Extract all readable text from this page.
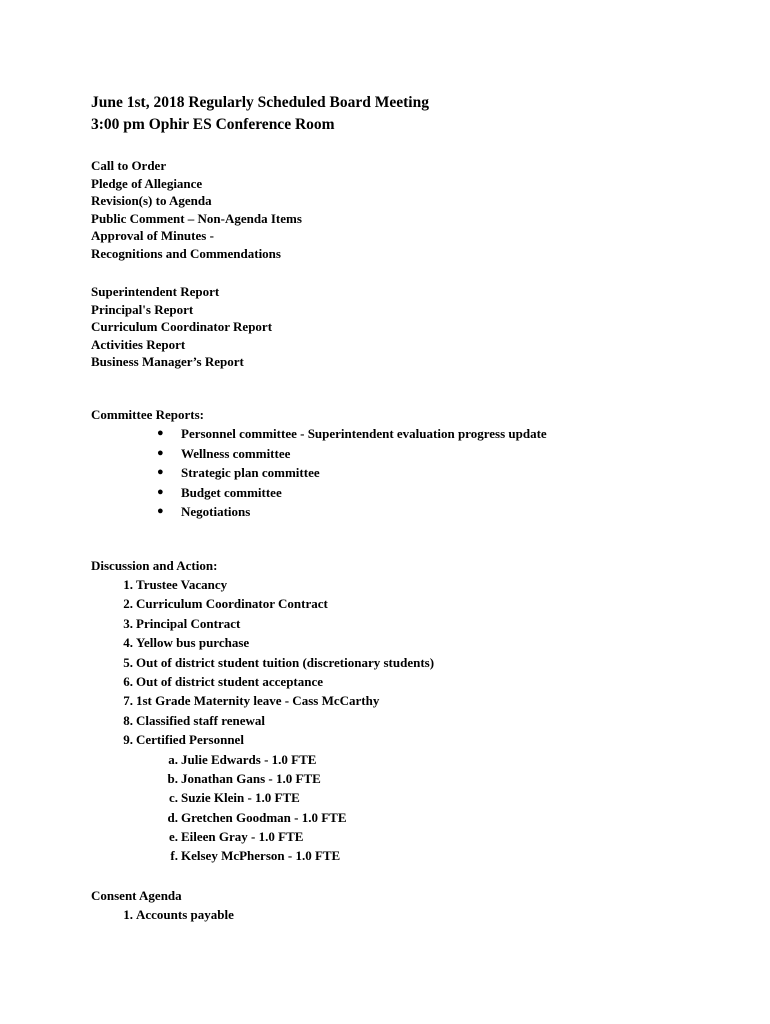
June 1st, 2018 Regularly Scheduled Board Meeting
3:00 pm Ophir ES Conference Room
Call to Order
Pledge of Allegiance
Revision(s) to Agenda
Public Comment – Non-Agenda Items
Approval of Minutes -
Recognitions and Commendations
Superintendent Report
Principal's Report
Curriculum Coordinator Report
Activities Report
Business Manager’s Report
Committee Reports:
● Personnel committee - Superintendent evaluation progress update
● Wellness committee
● Strategic plan committee
● Budget committee
● Negotiations
Discussion and Action:
1. Trustee Vacancy
2. Curriculum Coordinator Contract
3. Principal Contract
4. Yellow bus purchase
5. Out of district student tuition (discretionary students)
6. Out of district student acceptance
7. 1st Grade Maternity leave - Cass McCarthy
8. Classified staff renewal
9. Certified Personnel
a. Julie Edwards - 1.0 FTE
b. Jonathan Gans - 1.0 FTE
c. Suzie Klein - 1.0 FTE
d. Gretchen Goodman - 1.0 FTE
e. Eileen Gray - 1.0 FTE
f. Kelsey McPherson - 1.0 FTE
Consent Agenda
1. Accounts payable
